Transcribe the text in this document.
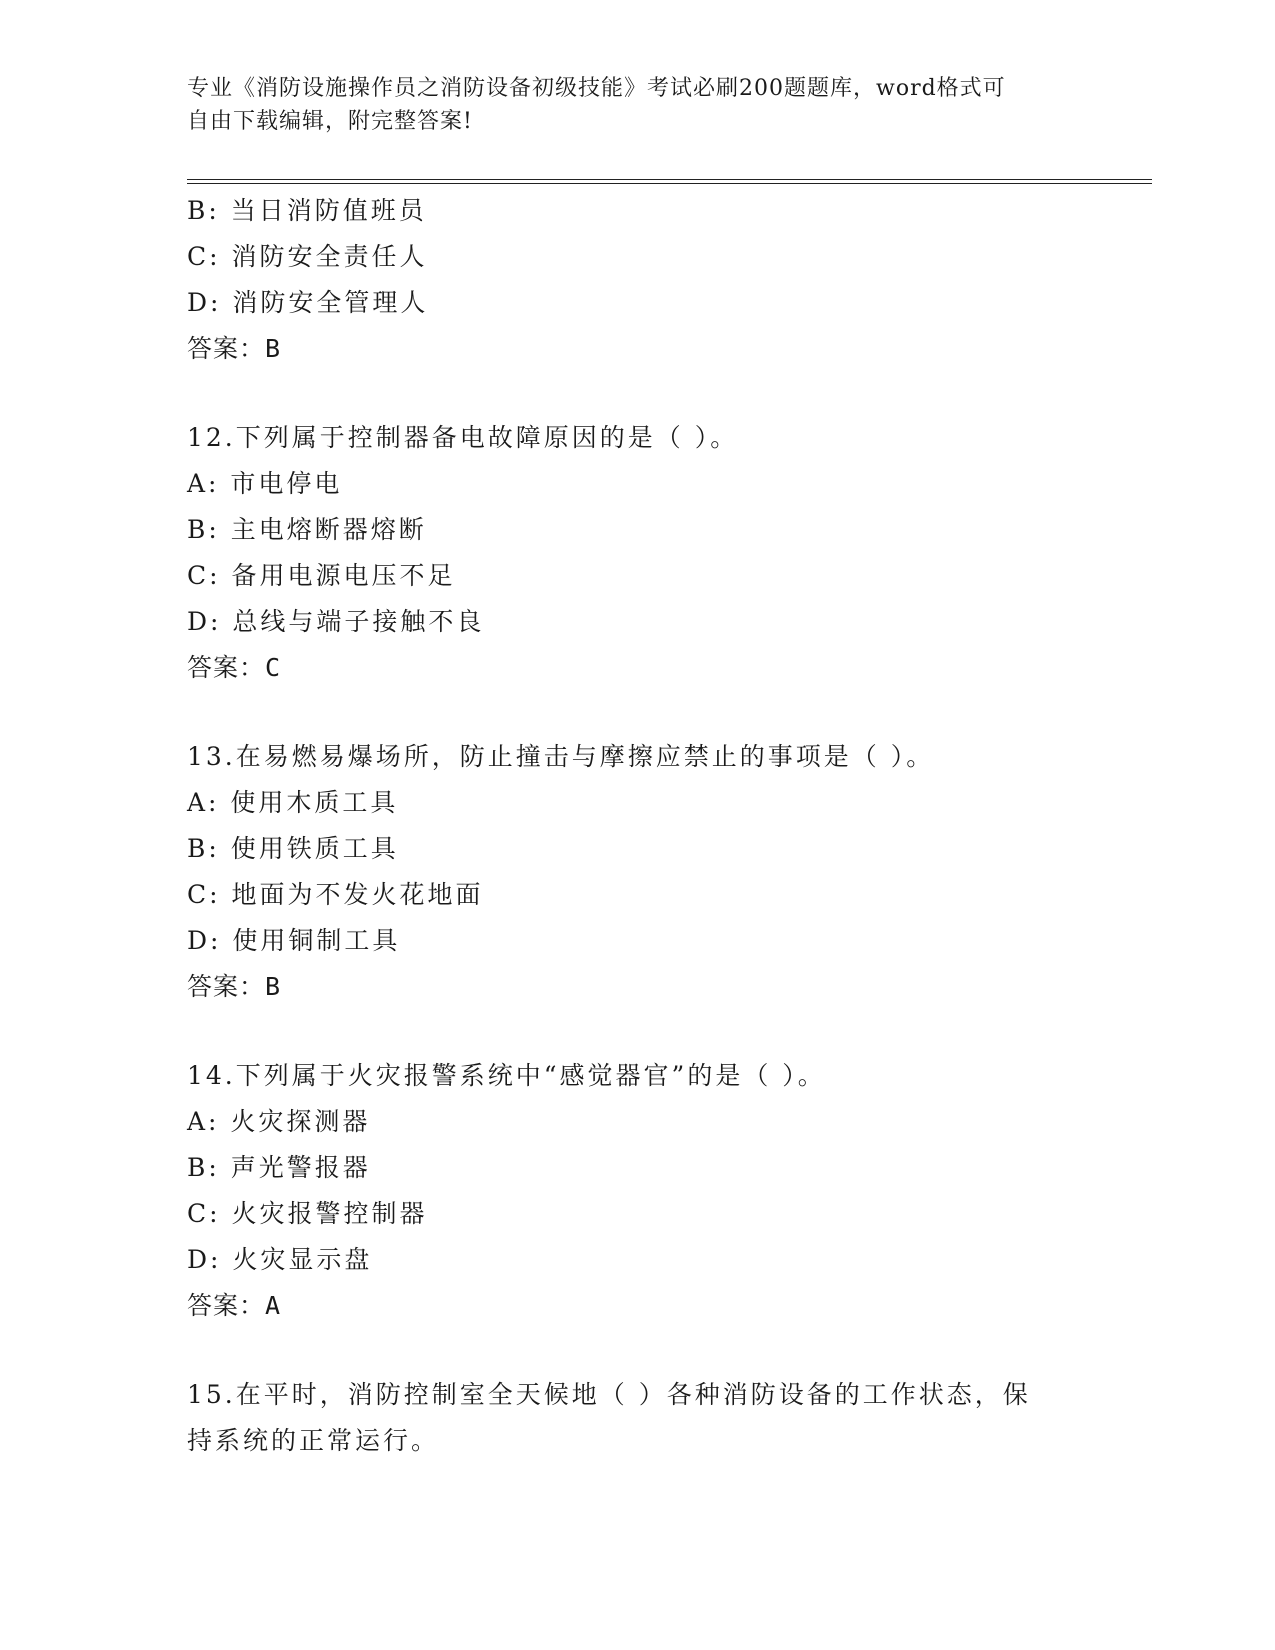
专业《消防设施操作员之消防设备初级技能》考试必刷200题题库，word格式可
自由下载编辑，附完整答案!
B: 当日消防值班员
C: 消防安全责任人
D: 消防安全管理人
答案：B
12.下列属于控制器备电故障原因的是（ ）。
A: 市电停电
B: 主电熔断器熔断
C: 备用电源电压不足
D: 总线与端子接触不良
答案：C
13.在易燃易爆场所，防止撞击与摩擦应禁止的事项是（ ）。
A: 使用木质工具
B: 使用铁质工具
C: 地面为不发火花地面
D: 使用铜制工具
答案：B
14.下列属于火灾报警系统中“感觉器官”的是（ ）。
A: 火灾探测器
B: 声光警报器
C: 火灾报警控制器
D: 火灾显示盘
答案：A
15.在平时，消防控制室全天候地（ ）各种消防设备的工作状态，保持系统的正常运行。
